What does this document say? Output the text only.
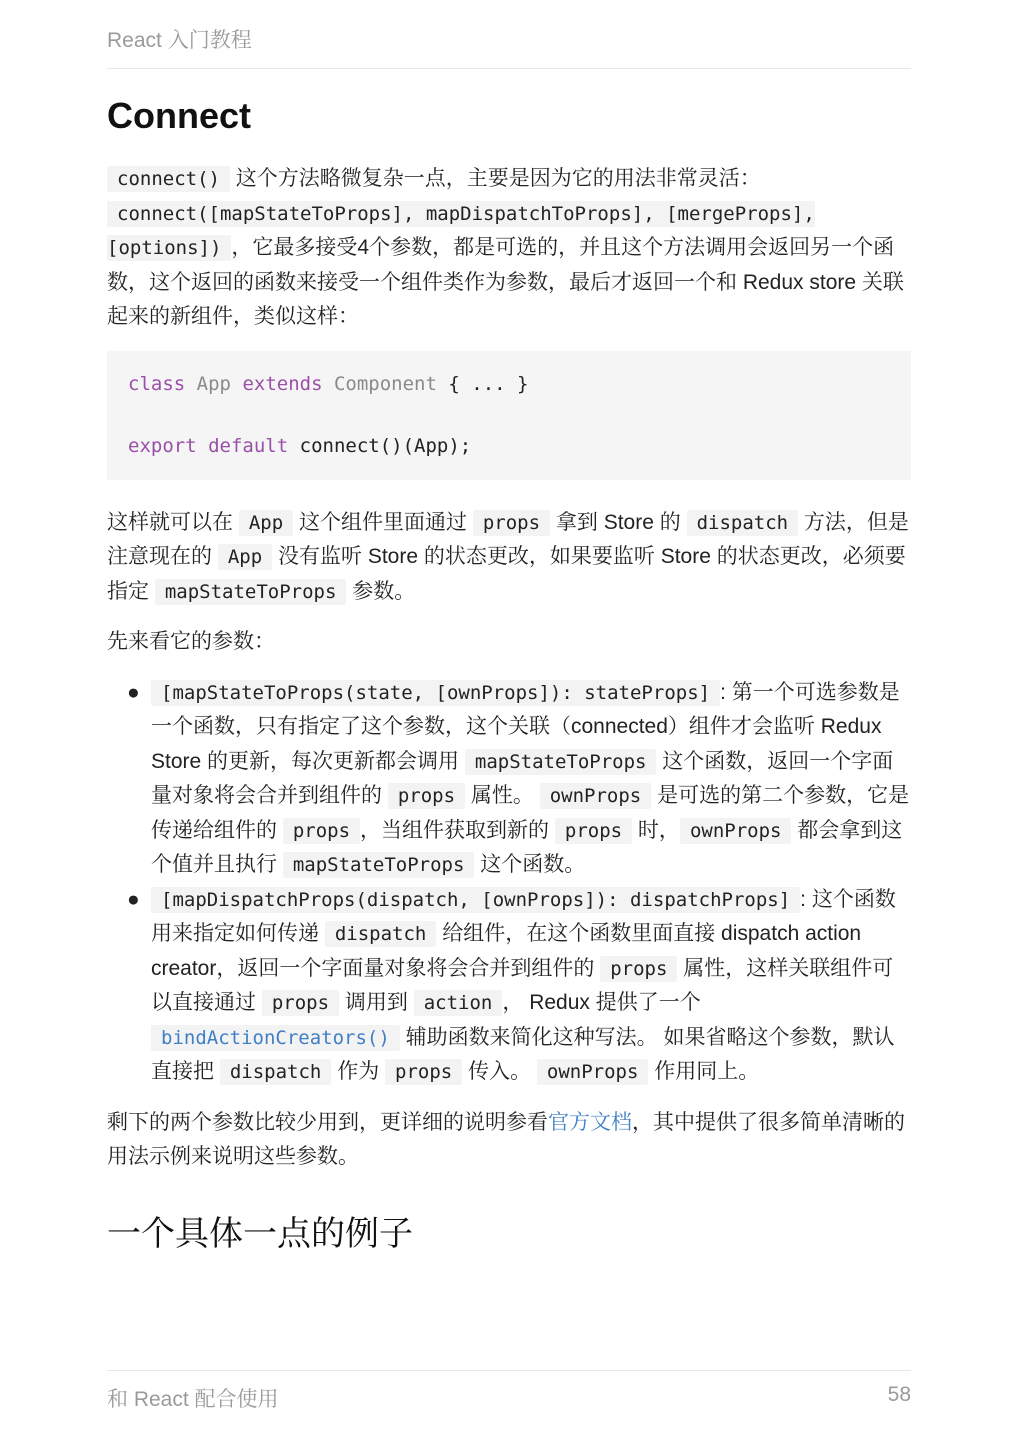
React 入门教程
Connect

connect() 这个方法略微复杂一点，主要是因为它的用法非常灵活：connect([mapStateToProps], mapDispatchToProps], [mergeProps], [options]) ，它最多接受4个参数，都是可选的，并且这个方法调用会返回另一个函数，这个返回的函数来接受一个组件类作为参数，最后才返回一个和 Redux store 关联起来的新组件，类似这样：

class App extends Component { ... }

export default connect()(App);

这样就可以在 App 这个组件里面通过 props 拿到 Store 的 dispatch 方法，但是注意现在的 App 没有监听 Store 的状态更改，如果要监听 Store 的状态更改，必须要指定 mapStateToProps 参数。

先来看它的参数：

● [mapStateToProps(state, [ownProps]): stateProps] : 第一个可选参数是一个函数，只有指定了这个参数，这个关联（connected）组件才会监听 Redux Store 的更新，每次更新都会调用 mapStateToProps 这个函数，返回一个字面量对象将会合并到组件的 props 属性。 ownProps 是可选的第二个参数，它是传递给组件的 props ，当组件获取到新的 props 时， ownProps 都会拿到这个值并且执行 mapStateToProps 这个函数。
● [mapDispatchProps(dispatch, [ownProps]): dispatchProps] : 这个函数用来指定如何传递 dispatch 给组件，在这个函数里面直接 dispatch action creator，返回一个字面量对象将会合并到组件的 props 属性，这样关联组件可以直接通过 props 调用到 action ， Redux 提供了一个 bindActionCreators() 辅助函数来简化这种写法。 如果省略这个参数，默认直接把 dispatch 作为 props 传入。 ownProps 作用同上。

剩下的两个参数比较少用到，更详细的说明参看官方文档，其中提供了很多简单清晰的用法示例来说明这些参数。

一个具体一点的例子
和 React 配合使用	58
